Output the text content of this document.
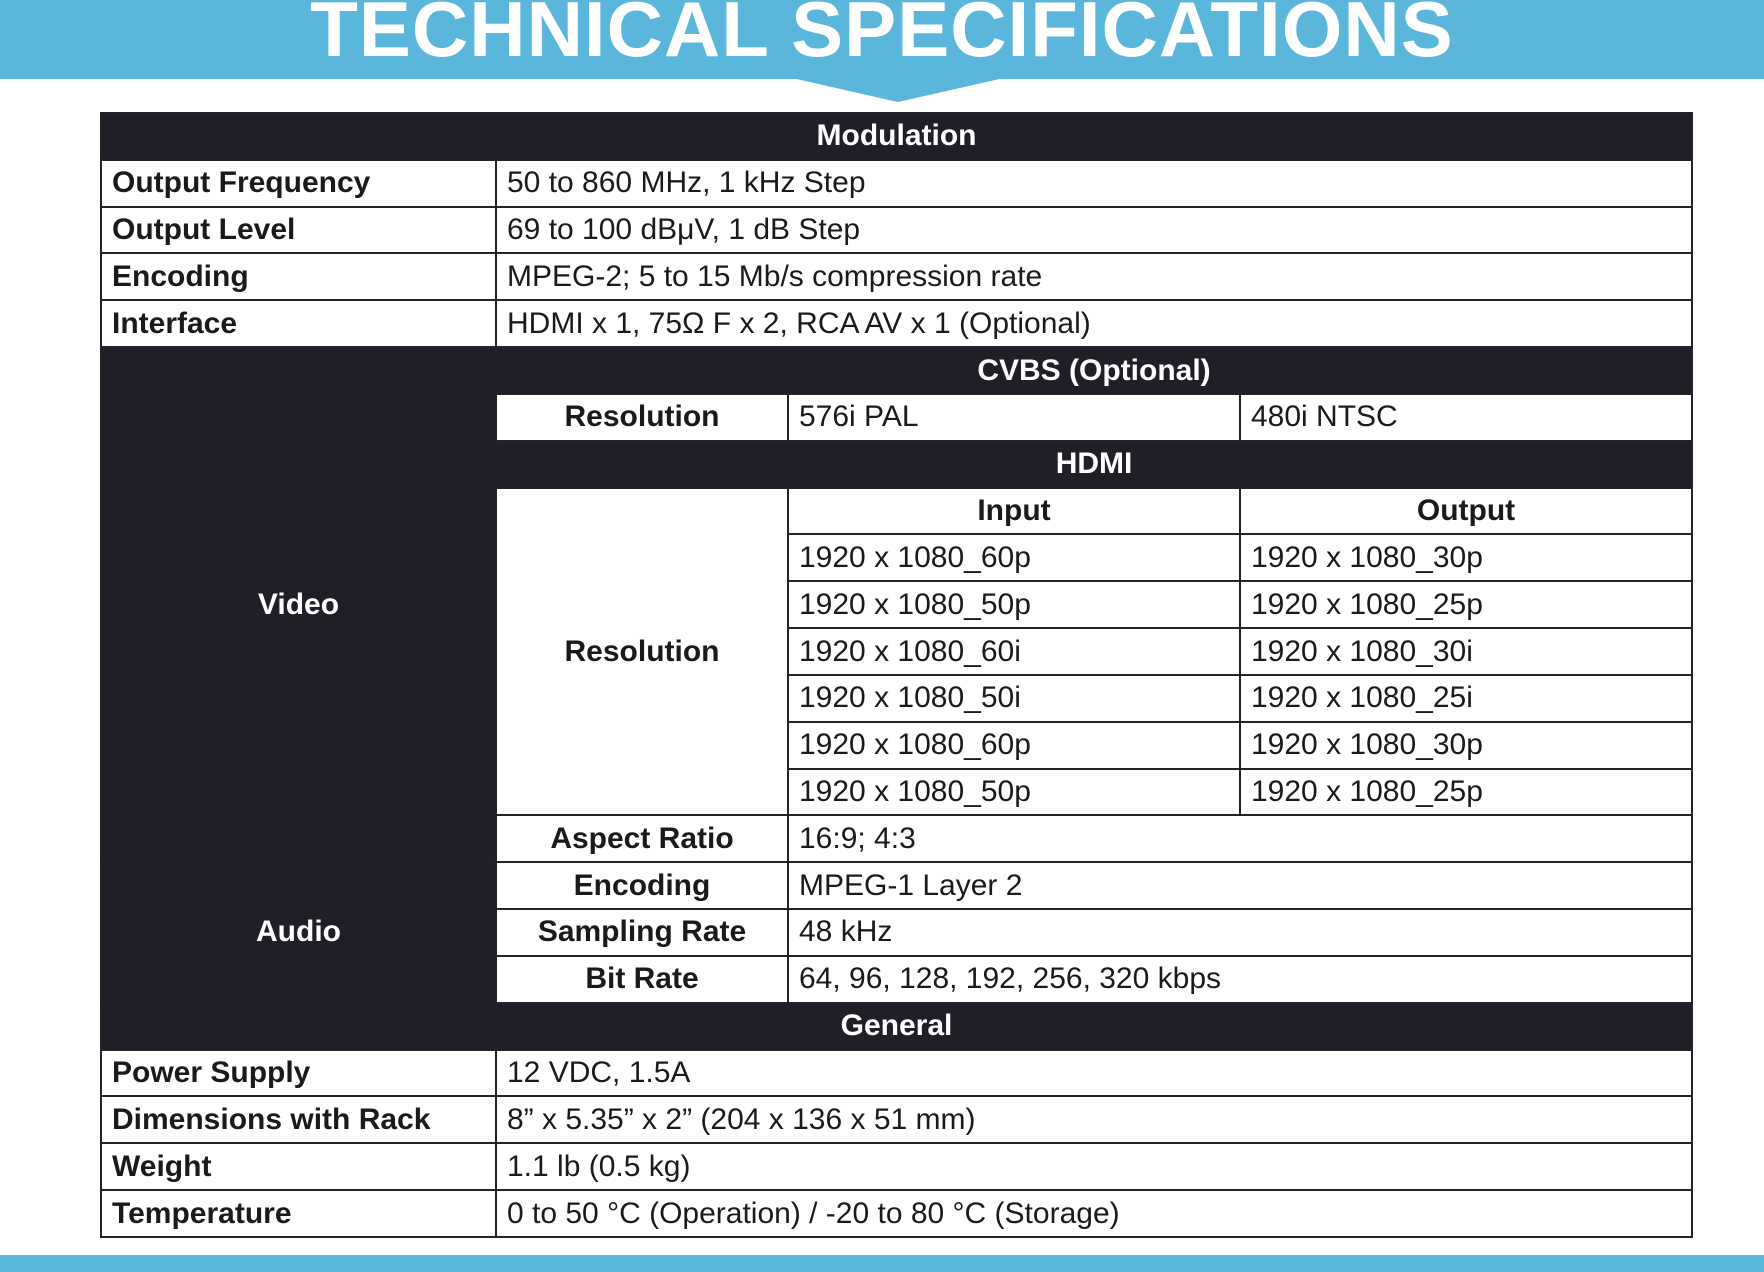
TECHNICAL SPECIFICATIONS
Modulation			
Output Frequency	50 to 860 MHz, 1 kHz Step		
Output Level	69 to 100 dBμV, 1 dB Step		
Encoding	MPEG-2; 5 to 15 Mb/s compression rate		
Interface	HDMI x 1, 75Ω F x 2, RCA AV x 1 (Optional)		
Video	CVBS (Optional)		
	Resolution	576i PAL	480i NTSC
	HDMI		
	Resolution	Input	Output
		1920 x 1080_60p	1920 x 1080_30p
		1920 x 1080_50p	1920 x 1080_25p
		1920 x 1080_60i	1920 x 1080_30i
		1920 x 1080_50i	1920 x 1080_25i
		1920 x 1080_60p	1920 x 1080_30p
		1920 x 1080_50p	1920 x 1080_25p
	Aspect Ratio	16:9; 4:3	
Audio	Encoding	MPEG-1 Layer 2	
	Sampling Rate	48 kHz	
	Bit Rate	64, 96, 128, 192, 256, 320 kbps	
General			
Power Supply	12 VDC, 1.5A		
Dimensions with Rack	8” x 5.35” x 2” (204 x 136 x 51 mm)		
Weight	1.1 lb (0.5 kg)		
Temperature	0 to 50 °C (Operation) / -20 to 80 °C (Storage)		
